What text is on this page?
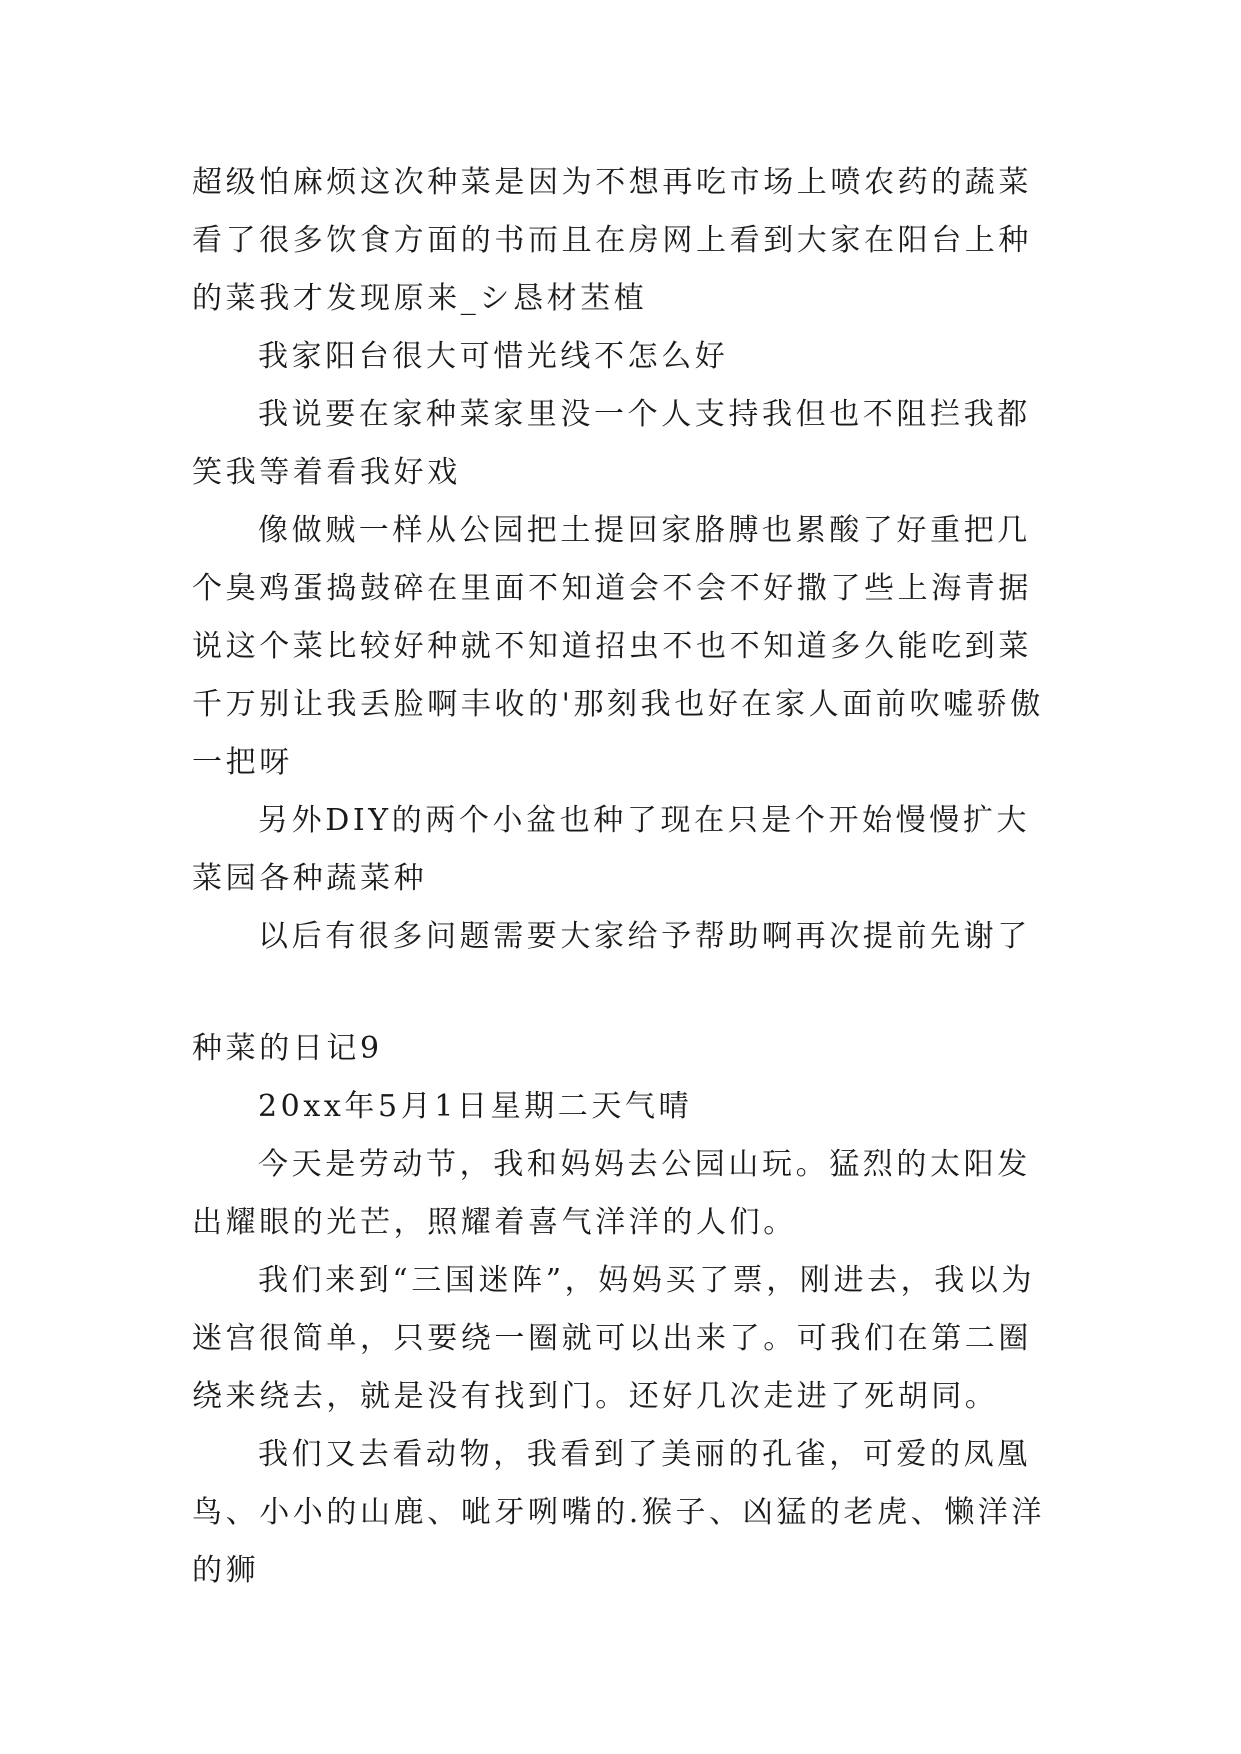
超级怕麻烦这次种菜是因为不想再吃市场上喷农药的蔬菜看了很多饮食方面的书而且在房网上看到大家在阳台上种的菜我才发现原来_シ恳材苤植

我家阳台很大可惜光线不怎么好

我说要在家种菜家里没一个人支持我但也不阻拦我都笑我等着看我好戏

像做贼一样从公园把土提回家胳膊也累酸了好重把几个臭鸡蛋捣鼓碎在里面不知道会不会不好撒了些上海青据说这个菜比较好种就不知道招虫不也不知道多久能吃到菜千万别让我丢脸啊丰收的'那刻我也好在家人面前吹嘘骄傲一把呀

另外DIY的两个小盆也种了现在只是个开始慢慢扩大菜园各种蔬菜种

以后有很多问题需要大家给予帮助啊再次提前先谢了

种菜的日记9

20xx年5月1日星期二天气晴

今天是劳动节，我和妈妈去公园山玩。猛烈的太阳发出耀眼的光芒，照耀着喜气洋洋的人们。

我们来到“三国迷阵”，妈妈买了票，刚进去，我以为迷宫很简单，只要绕一圈就可以出来了。可我们在第二圈绕来绕去，就是没有找到门。还好几次走进了死胡同。

我们又去看动物，我看到了美丽的孔雀，可爱的凤凰鸟、小小的山鹿、呲牙咧嘴的.猴子、凶猛的老虎、懒洋洋的狮
